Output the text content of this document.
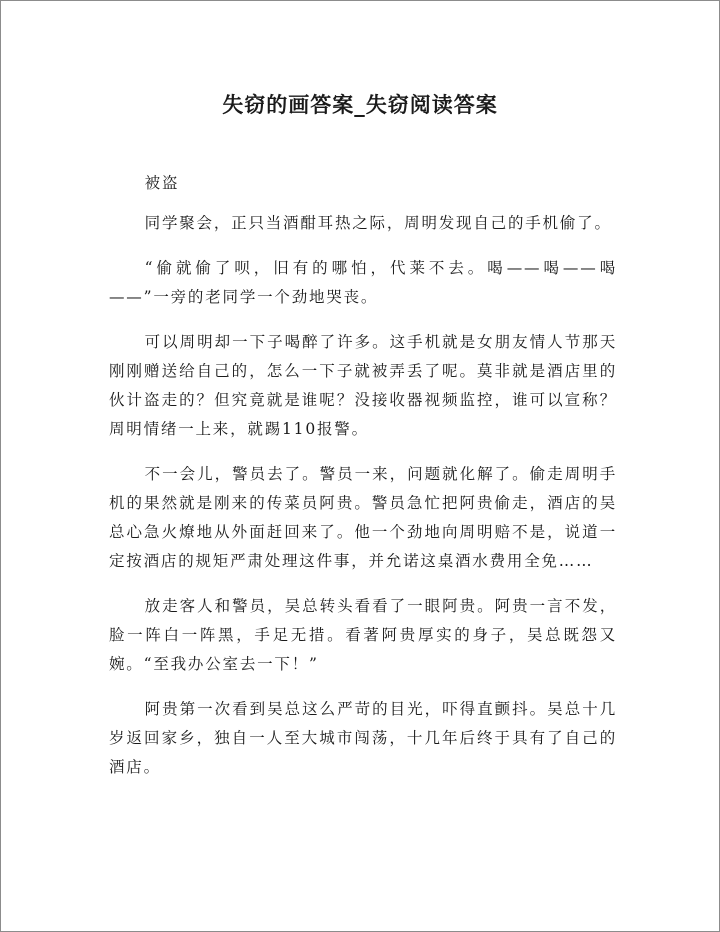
失窃的画答案_失窃阅读答案

被盗

同学聚会，正只当酒酣耳热之际，周明发现自己的手机偷了。

“偷就偷了呗，旧有的哪怕，代莱不去。喝——喝——喝——”一旁的老同学一个劲地哭丧。

可以周明却一下子喝醉了许多。这手机就是女朋友情人节那天刚刚赠送给自己的，怎么一下子就被弄丢了呢。莫非就是酒店里的伙计盗走的？但究竟就是谁呢？没接收器视频监控，谁可以宣称？周明情绪一上来，就踢110报警。

不一会儿，警员去了。警员一来，问题就化解了。偷走周明手机的果然就是刚来的传菜员阿贵。警员急忙把阿贵偷走，酒店的吴总心急火燎地从外面赶回来了。他一个劲地向周明赔不是，说道一定按酒店的规矩严肃处理这件事，并允诺这桌酒水费用全免……

放走客人和警员，吴总转头看看了一眼阿贵。阿贵一言不发，脸一阵白一阵黑，手足无措。看著阿贵厚实的身子，吴总既怨又婉。“至我办公室去一下！”

阿贵第一次看到吴总这么严苛的目光，吓得直颤抖。吴总十几岁返回家乡，独自一人至大城市闯荡，十几年后终于具有了自己的酒店。
